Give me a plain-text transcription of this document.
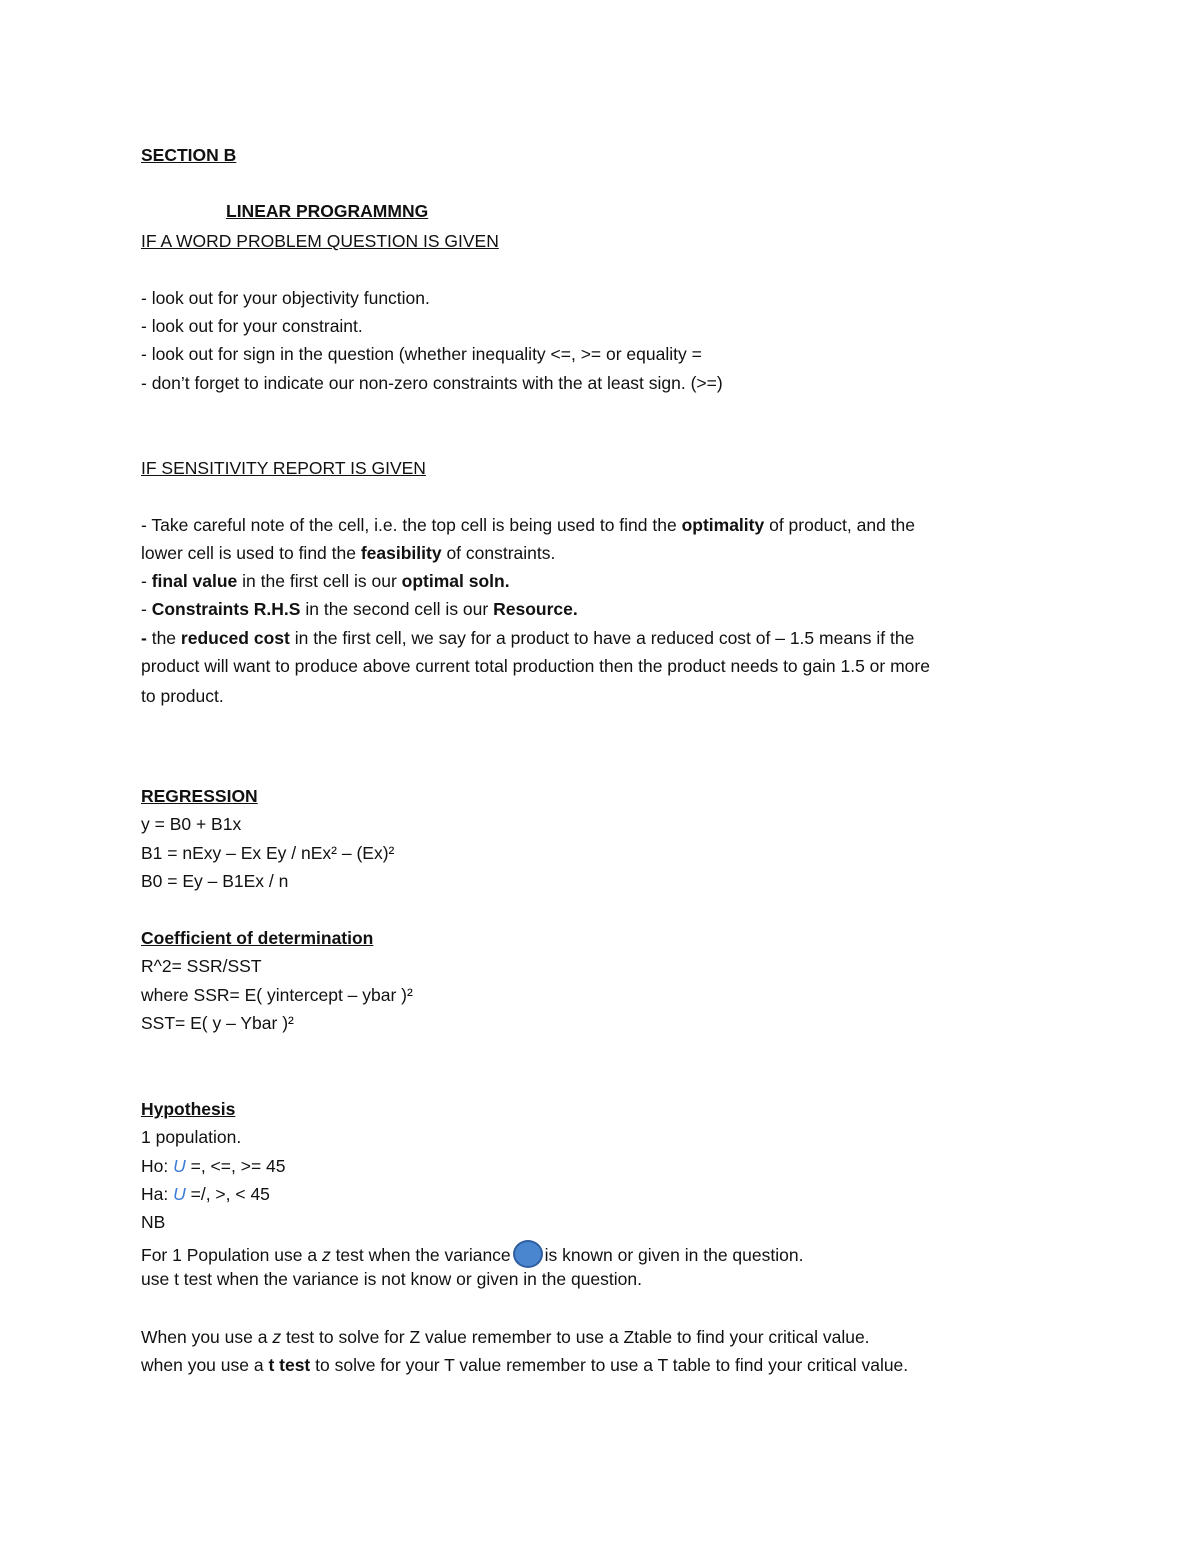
SECTION B
LINEAR PROGRAMMNG
IF A WORD PROBLEM QUESTION IS GIVEN
- look out for your objectivity function.
- look out for your constraint.
- look out for sign in the question (whether inequality <=, >= or equality =
- don’t forget to indicate our non-zero constraints with the at least sign. (>=)
IF SENSITIVITY REPORT IS GIVEN
- Take careful note of the cell, i.e. the top cell is being used to find the optimality of product, and the
lower cell is used to find the feasibility of constraints.
- final value in the first cell is our optimal soln.
- Constraints R.H.S in the second cell is our Resource.
- the reduced cost in the first cell, we say for a product to have a reduced cost of – 1.5 means if the
product will want to produce above current total production then the product needs to gain 1.5 or more
to product.
REGRESSION
y = B0 + B1x
B1 = nExy – Ex Ey / nEx² – (Ex)²
B0 = Ey – B1Ex / n
Coefficient of determination
R^2= SSR/SST
where SSR= E( yintercept – ybar )²
SST= E( y – Ybar )²
Hypothesis
1 population.
Ho: U =, <=, >= 45
Ha: U =/, >, < 45
NB
For 1 Population use a z test when the variance is known or given in the question.
use t test when the variance is not know or given in the question.
When you use a z test to solve for Z value remember to use a Ztable to find your critical value.
when you use a t test to solve for your T value remember to use a T table to find your critical value.
